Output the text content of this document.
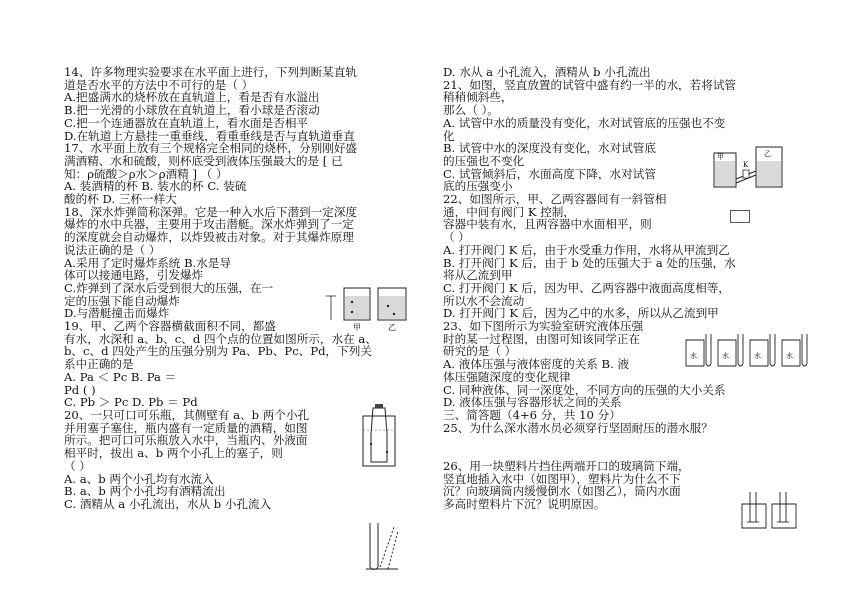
14、许多物理实验要求在水平面上进行，下列判断某直轨

道是否水平的方法中不可行的是（ ）

A.把盛满水的烧杯放在直轨道上，看是否有水溢出

B.把一光滑的小球放在直轨道上，看小球是否滚动

C.把一个连通器放在直轨道上，看水面是否相平

D.在轨道上方悬挂一重垂线，看重垂线是否与直轨道垂直

17、水平面上放有三个规格完全相同的烧杯，分别刚好盛

满酒精、水和硫酸，则杯底受到液体压强最大的是 [ 已

知：ρ硫酸＞ρ水＞ρ酒精 ] （ ）

A. 装酒精的杯 B. 装水的杯 C. 装硫

酸的杯 D. 三杯一样大

18、深水炸弹简称深弹。它是一种入水后下潜到一定深度

爆炸的水中兵器，主要用于攻击潜艇。深水炸弹到了一定

的深度就会自动爆炸，以炸毁被击对象。对于其爆炸原理

说法正确的是（ ）

A.采用了定时爆炸系统 B.水是导

体可以接通电路，引发爆炸

C.炸弹到了深水后受到很大的压强，在一

定的压强下能自动爆炸

D.与潜艇撞击而爆炸

19、甲、乙两个容器横截面积不同，都盛

有水，水深和 a、b、c、d 四个点的位置如图所示，水在 a、

b、c、d 四处产生的压强分别为 Pa、Pb、Pc、Pd，下列关

系中正确的是

A. Pa ＜ Pc B. Pa ＝

Pd ( )

C. Pb ＞ Pc D. Pb ＝ Pd

20、一只可口可乐瓶，其侧壁有 a、b 两个小孔

并用塞子塞住，瓶内盛有一定质量的酒精，如图

所示。把可口可乐瓶放入水中，当瓶内、外液面

相平时，拔出 a、b 两个小孔上的塞子，则

（ ）

A. a、b 两个小孔均有水流入

B. a、b 两个小孔均有酒精流出

C. 酒精从 a 小孔流出，水从 b 小孔流入

D. 水从 a 小孔流入，酒精从 b 小孔流出

21、如图，竖直放置的试管中盛有约一半的水，若将试管

稍稍倾斜些，

那么（ ）。

A. 试管中水的质量没有变化，水对试管底的压强也不变

化

B. 试管中水的深度没有变化，水对试管底

的压强也不变化

C. 试管倾斜后，水面高度下降，水对试管

底的压强变小

22、如图所示，甲、乙两容器间有一斜管相

通，中间有阀门 K 控制，

容器中装有水，且两容器中水面相平，则

（ ）

A. 打开阀门 K 后，由于水受重力作用，水将从甲流到乙

B. 打开阀门 K 后，由于 b 处的压强大于 a 处的压强，水

将从乙流到甲

C. 打开阀门 K 后，因为甲、乙两容器中液面高度相等，

所以水不会流动

D. 打开阀门 K 后，因为乙中的水多，所以从乙流到甲

23、如下图所示为实验室研究液体压强

时的某一过程图，由图可知该同学正在

研究的是（ ）

A. 液体压强与液体密度的关系 B. 液

体压强随深度的变化规律

C. 同种液体、同一深度处，不同方向的压强的大小关系

D. 液体压强与容器形状之间的关系

三、简答题（4+6 分，共 10 分）

25、为什么深水潜水员必须穿行坚固耐压的潜水服？

26、用一块塑料片挡住两端开口的玻璃筒下端，

竖直地插入水中（如图甲），塑料片为什么不下

沉？向玻璃筒内缓慢倒水（如图乙），筒内水面

多高时塑料片下沉？说明原因。

甲	乙
甲	乙
K
水	水	水	水
